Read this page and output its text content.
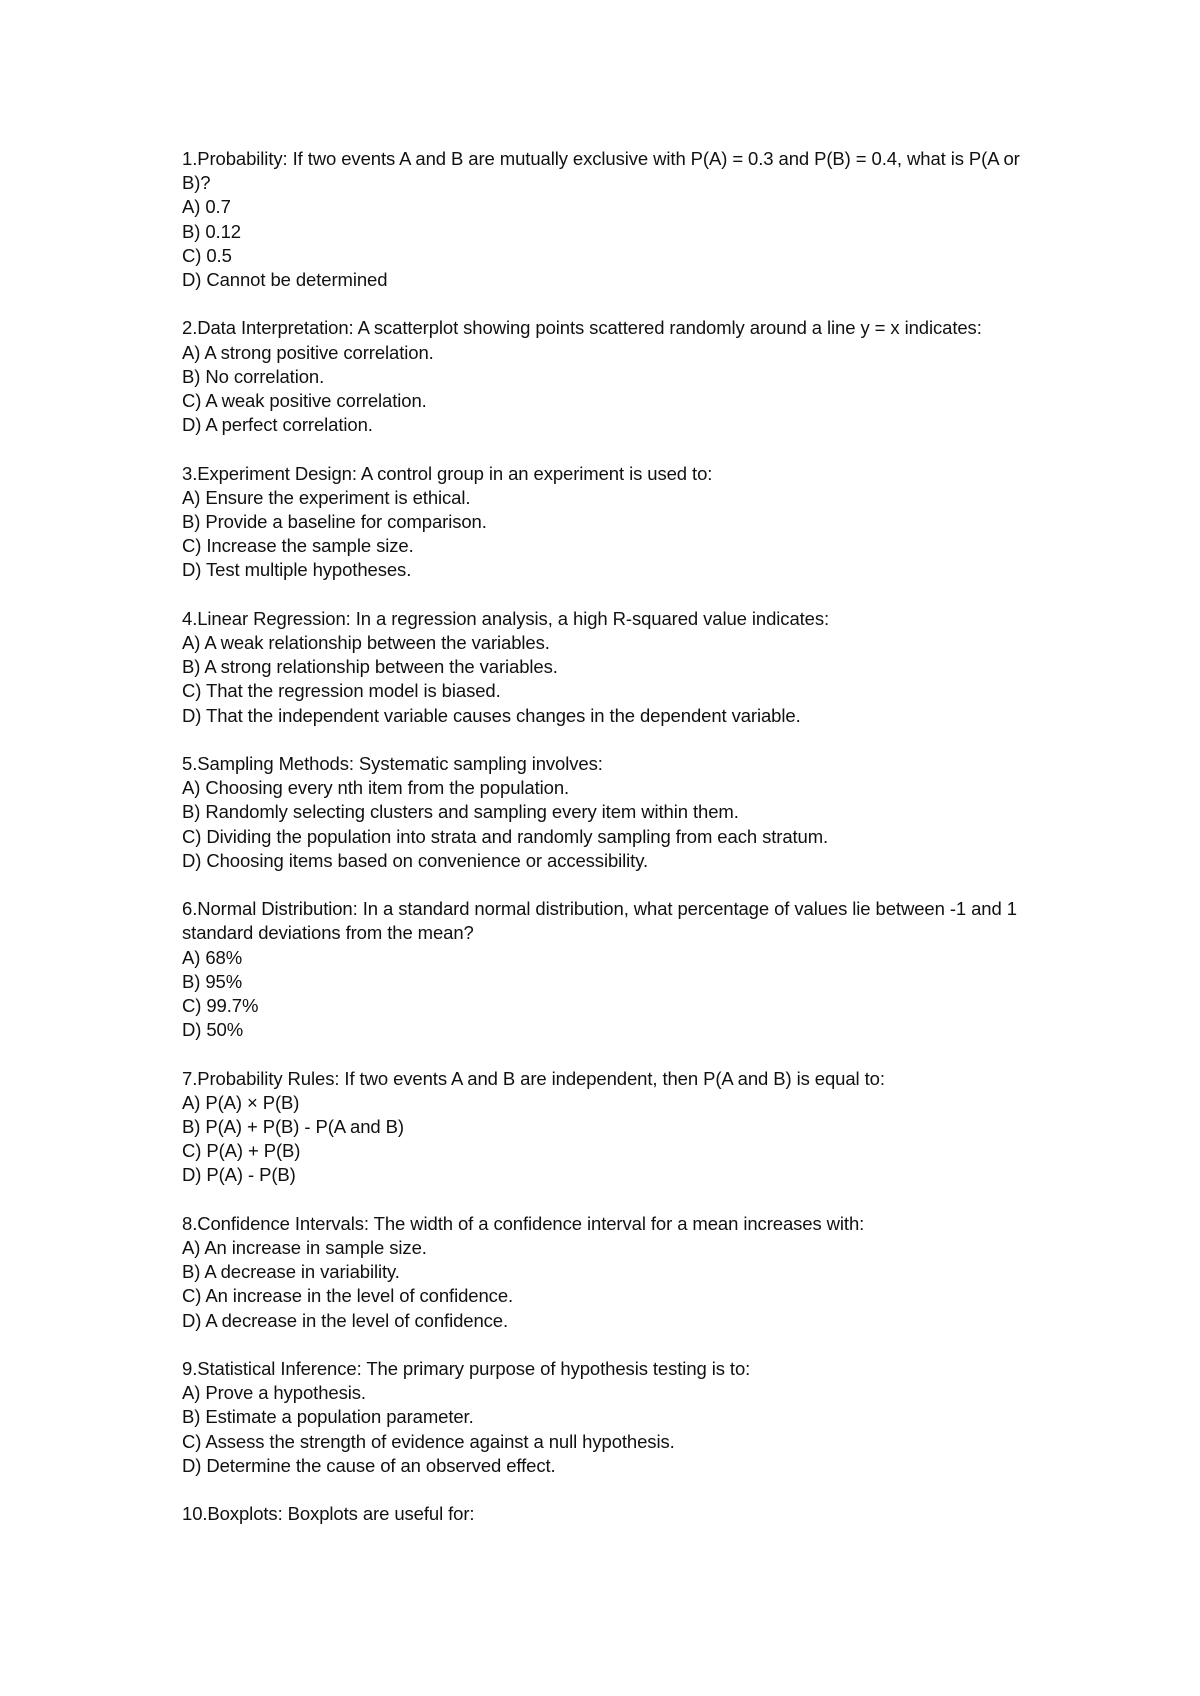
1.Probability: If two events A and B are mutually exclusive with P(A) = 0.3 and P(B) = 0.4, what is P(A or B)?
A) 0.7
B) 0.12
C) 0.5
D) Cannot be determined
2.Data Interpretation: A scatterplot showing points scattered randomly around a line y = x indicates:
A) A strong positive correlation.
B) No correlation.
C) A weak positive correlation.
D) A perfect correlation.
3.Experiment Design: A control group in an experiment is used to:
A) Ensure the experiment is ethical.
B) Provide a baseline for comparison.
C) Increase the sample size.
D) Test multiple hypotheses.
4.Linear Regression: In a regression analysis, a high R-squared value indicates:
A) A weak relationship between the variables.
B) A strong relationship between the variables.
C) That the regression model is biased.
D) That the independent variable causes changes in the dependent variable.
5.Sampling Methods: Systematic sampling involves:
A) Choosing every nth item from the population.
B) Randomly selecting clusters and sampling every item within them.
C) Dividing the population into strata and randomly sampling from each stratum.
D) Choosing items based on convenience or accessibility.
6.Normal Distribution: In a standard normal distribution, what percentage of values lie between -1 and 1 standard deviations from the mean?
A) 68%
B) 95%
C) 99.7%
D) 50%
7.Probability Rules: If two events A and B are independent, then P(A and B) is equal to:
A) P(A) × P(B)
B) P(A) + P(B) - P(A and B)
C) P(A) + P(B)
D) P(A) - P(B)
8.Confidence Intervals: The width of a confidence interval for a mean increases with:
A) An increase in sample size.
B) A decrease in variability.
C) An increase in the level of confidence.
D) A decrease in the level of confidence.
9.Statistical Inference: The primary purpose of hypothesis testing is to:
A) Prove a hypothesis.
B) Estimate a population parameter.
C) Assess the strength of evidence against a null hypothesis.
D) Determine the cause of an observed effect.
10.Boxplots: Boxplots are useful for:
